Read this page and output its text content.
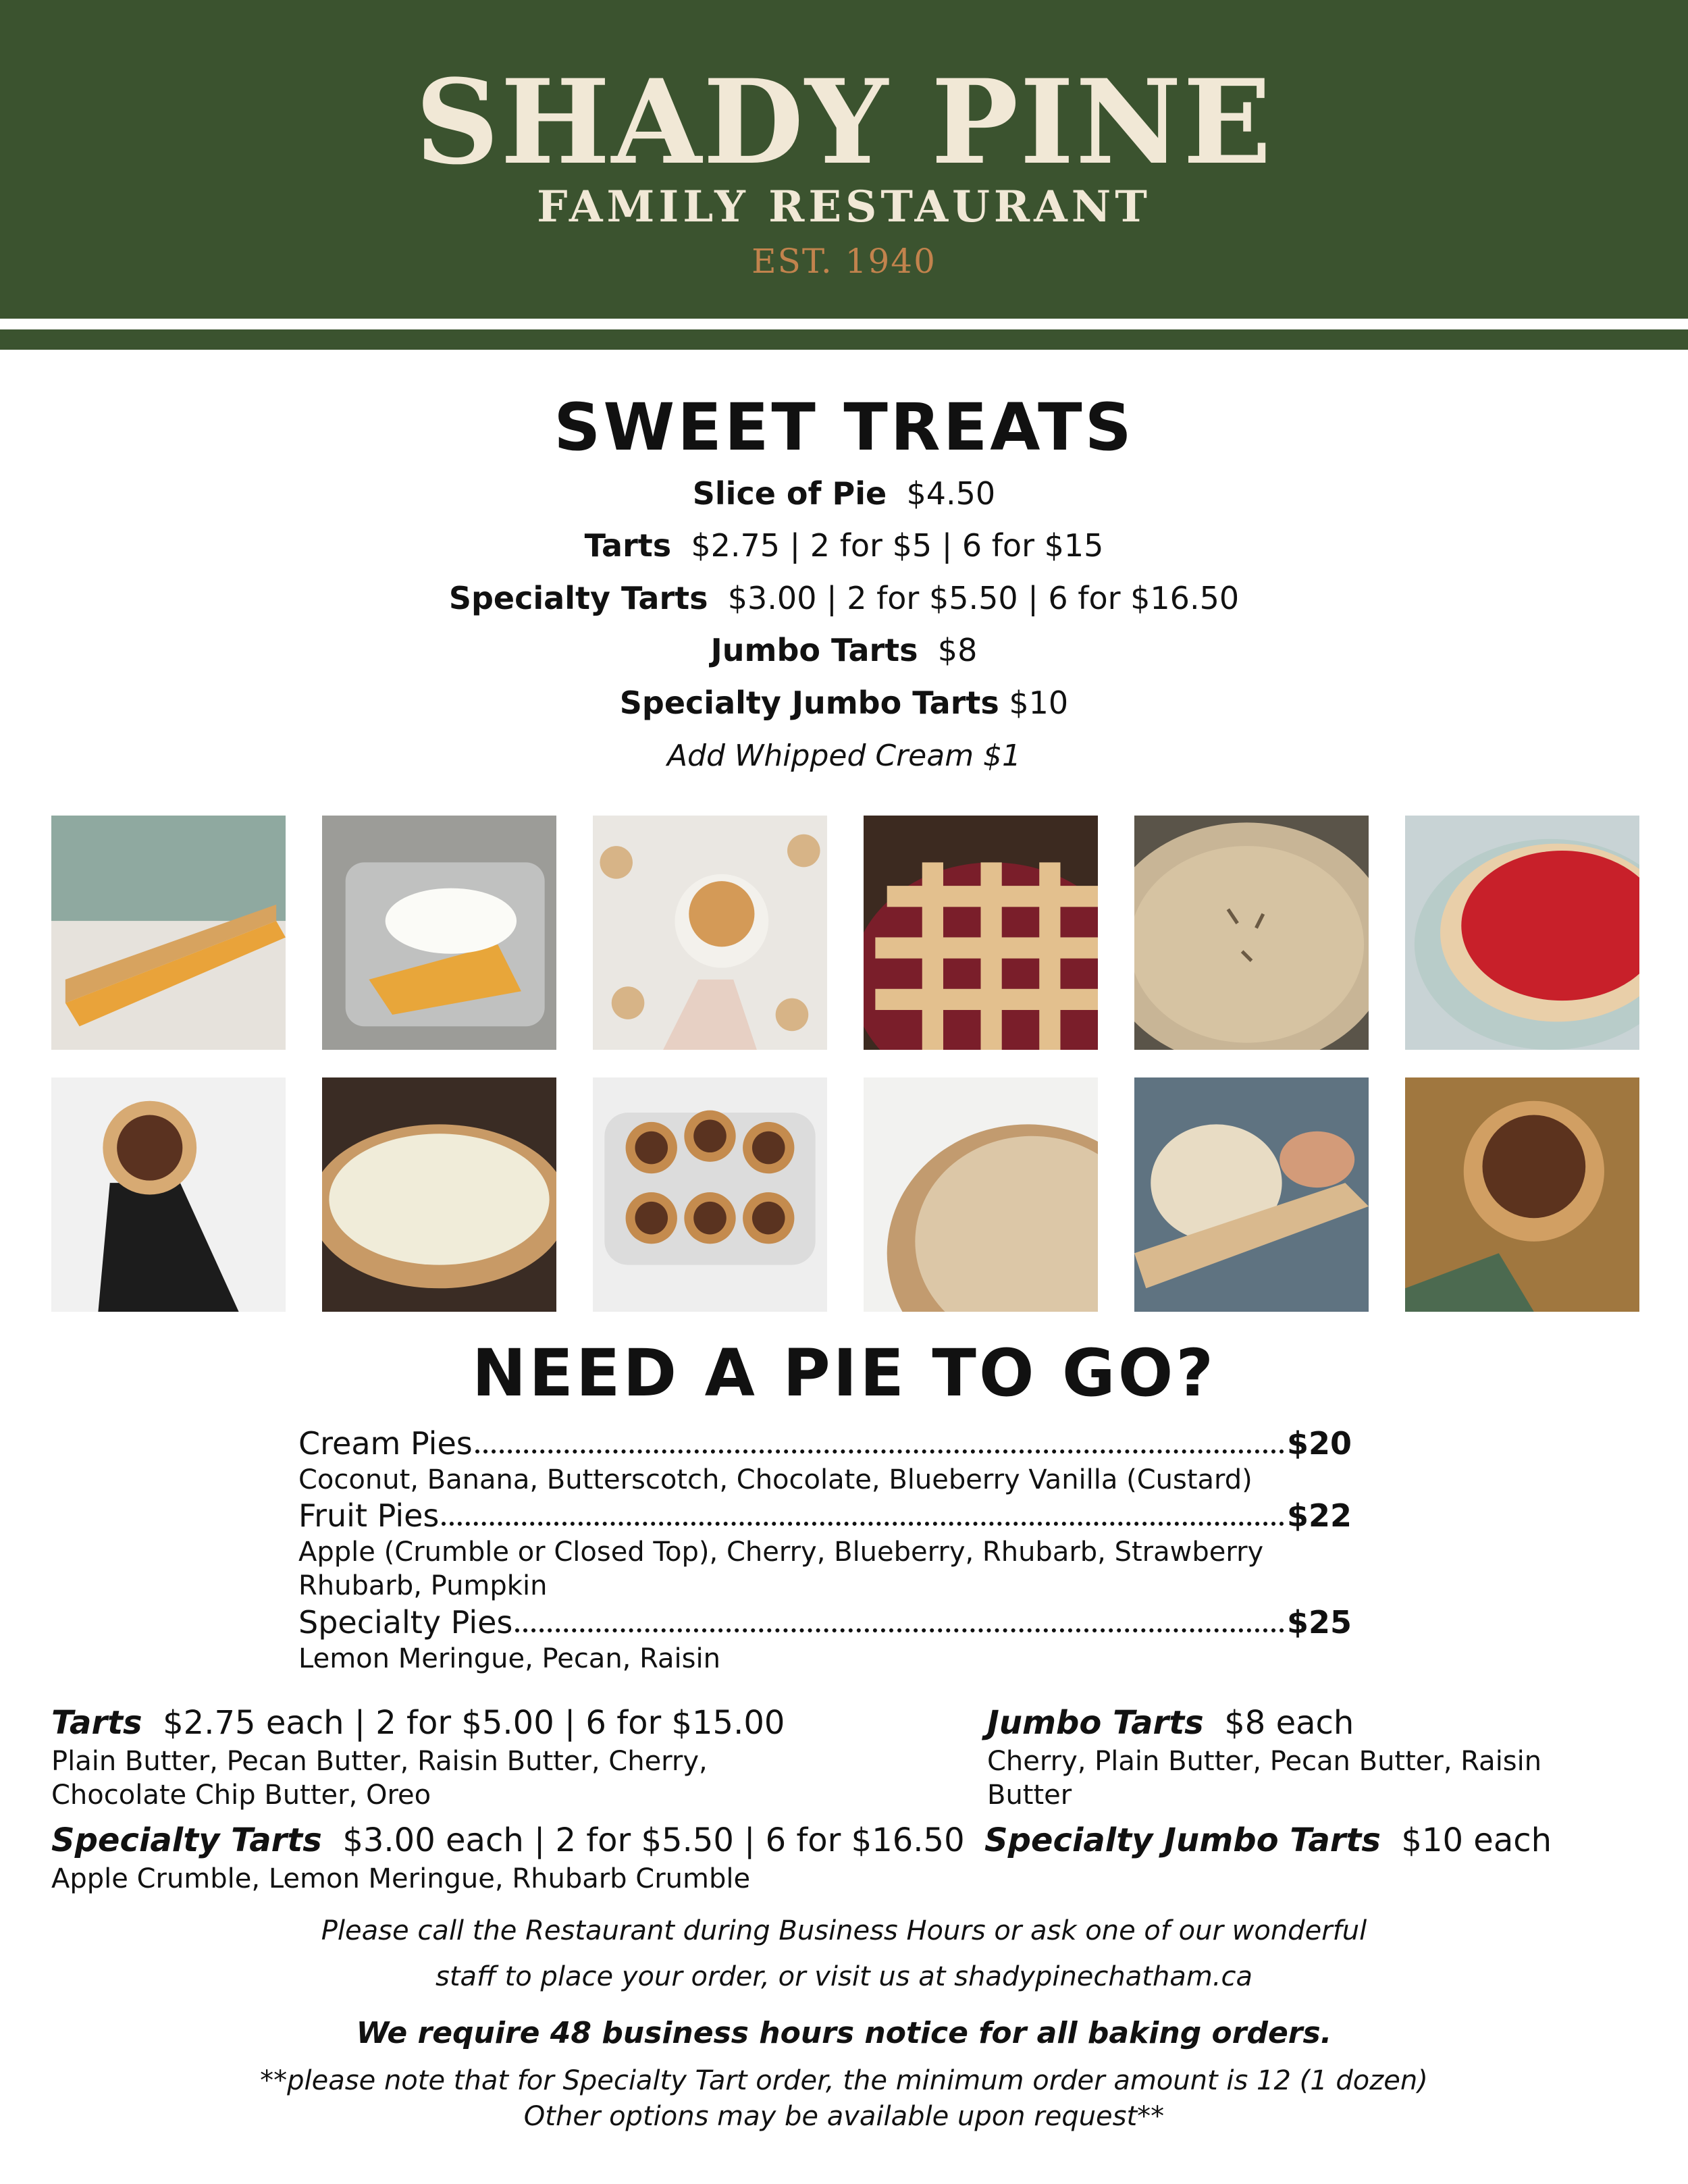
SHADY PINE
FAMILY RESTAURANT
EST. 1940
SWEET TREATS
Slice of Pie $4.50
Tarts $2.75 | 2 for $5 | 6 for $15
Specialty Tarts $3.00 | 2 for $5.50 | 6 for $16.50
Jumbo Tarts $8
Specialty Jumbo Tarts $10
Add Whipped Cream $1
NEED A PIE TO GO?
Cream Pies	$20
Coconut, Banana, Butterscotch, Chocolate, Blueberry Vanilla (Custard)
Fruit Pies	$22
Apple (Crumble or Closed Top), Cherry, Blueberry, Rhubarb, Strawberry Rhubarb, Pumpkin
Specialty Pies	$25
Lemon Meringue, Pecan, Raisin
Tarts $2.75 each | 2 for $5.00 | 6 for $15.00
Plain Butter, Pecan Butter, Raisin Butter, Cherry, Chocolate Chip Butter, Oreo
Jumbo Tarts $8 each
Cherry, Plain Butter, Pecan Butter, Raisin Butter
Specialty Tarts $3.00 each | 2 for $5.50 | 6 for $16.50
Apple Crumble, Lemon Meringue, Rhubarb Crumble
Specialty Jumbo Tarts $10 each
Please call the Restaurant during Business Hours or ask one of our wonderful
staff to place your order, or visit us at shadypinechatham.ca
We require 48 business hours notice for all baking orders.
**please note that for Specialty Tart order, the minimum order amount is 12 (1 dozen)
Other options may be available upon request**
